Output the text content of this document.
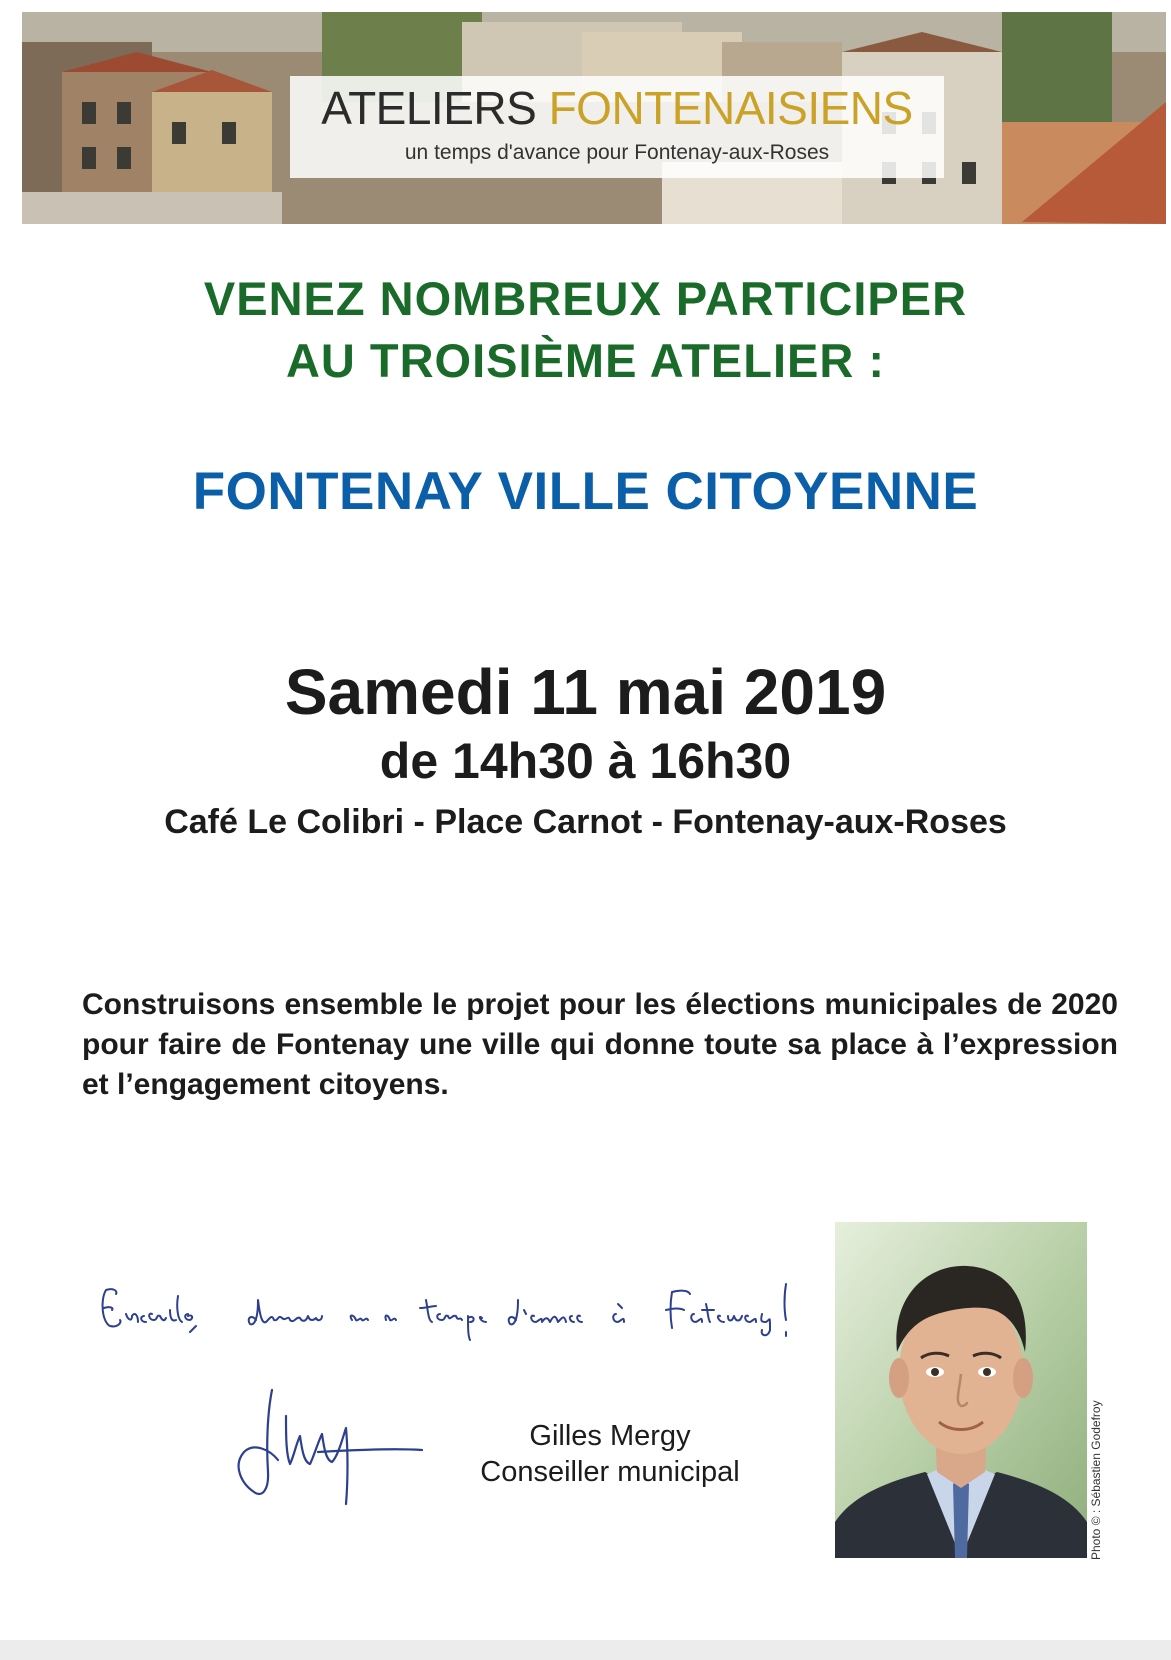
ATELIERS FONTENAISIENS
un temps d'avance pour Fontenay-aux-Roses
VENEZ NOMBREUX PARTICIPER
AU TROISIÈME ATELIER :
FONTENAY VILLE CITOYENNE
Samedi 11 mai 2019
de 14h30 à 16h30
Café Le Colibri - Place Carnot - Fontenay-aux-Roses
Construisons ensemble le projet pour les élections municipales de 2020 pour faire de Fontenay une ville qui donne toute sa place à l’expression et l’engagement citoyens.
Gilles Mergy
Conseiller municipal	Photo © : Sébastien Godefroy
